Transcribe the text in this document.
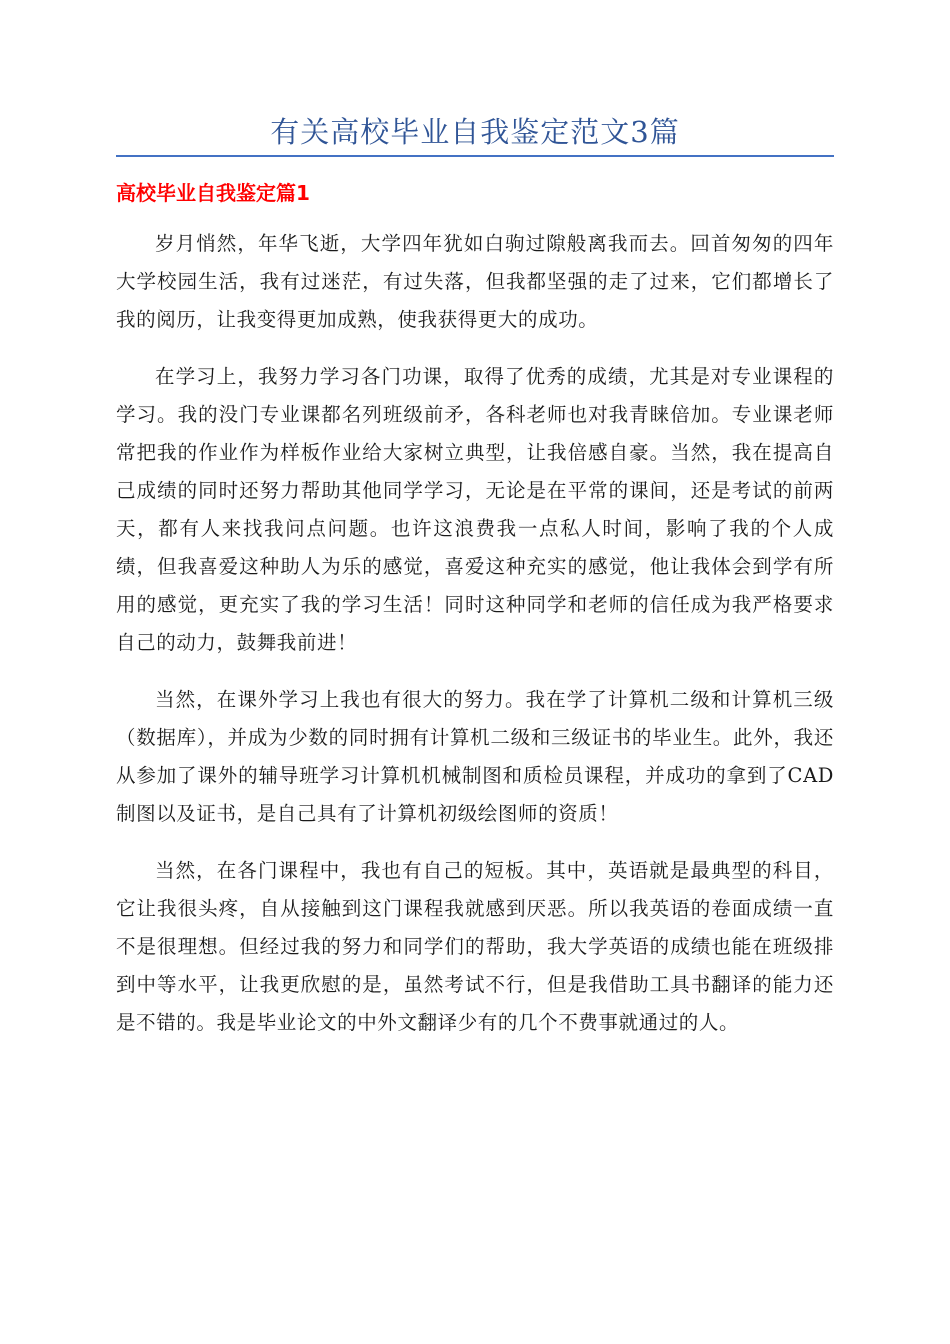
有关高校毕业自我鉴定范文3篇
高校毕业自我鉴定篇1

岁月悄然，年华飞逝，大学四年犹如白驹过隙般离我而去。回首匆匆的四年大学校园生活，我有过迷茫，有过失落，但我都坚强的走了过来，它们都增长了我的阅历，让我变得更加成熟，使我获得更大的成功。

在学习上，我努力学习各门功课，取得了优秀的成绩，尤其是对专业课程的学习。我的没门专业课都名列班级前矛，各科老师也对我青睐倍加。专业课老师常把我的作业作为样板作业给大家树立典型，让我倍感自豪。当然，我在提高自己成绩的同时还努力帮助其他同学学习，无论是在平常的课间，还是考试的前两天，都有人来找我问点问题。也许这浪费我一点私人时间，影响了我的个人成绩，但我喜爱这种助人为乐的感觉，喜爱这种充实的感觉，他让我体会到学有所用的感觉，更充实了我的学习生活！同时这种同学和老师的信任成为我严格要求自己的动力，鼓舞我前进！

当然，在课外学习上我也有很大的努力。我在学了计算机二级和计算机三级（数据库），并成为少数的同时拥有计算机二级和三级证书的毕业生。此外，我还从参加了课外的辅导班学习计算机机械制图和质检员课程，并成功的拿到了CAD制图以及证书，是自己具有了计算机初级绘图师的资质！

当然，在各门课程中，我也有自己的短板。其中，英语就是最典型的科目，它让我很头疼，自从接触到这门课程我就感到厌恶。所以我英语的卷面成绩一直不是很理想。但经过我的努力和同学们的帮助，我大学英语的成绩也能在班级排到中等水平，让我更欣慰的是，虽然考试不行，但是我借助工具书翻译的能力还是不错的。我是毕业论文的中外文翻译少有的几个不费事就通过的人。
